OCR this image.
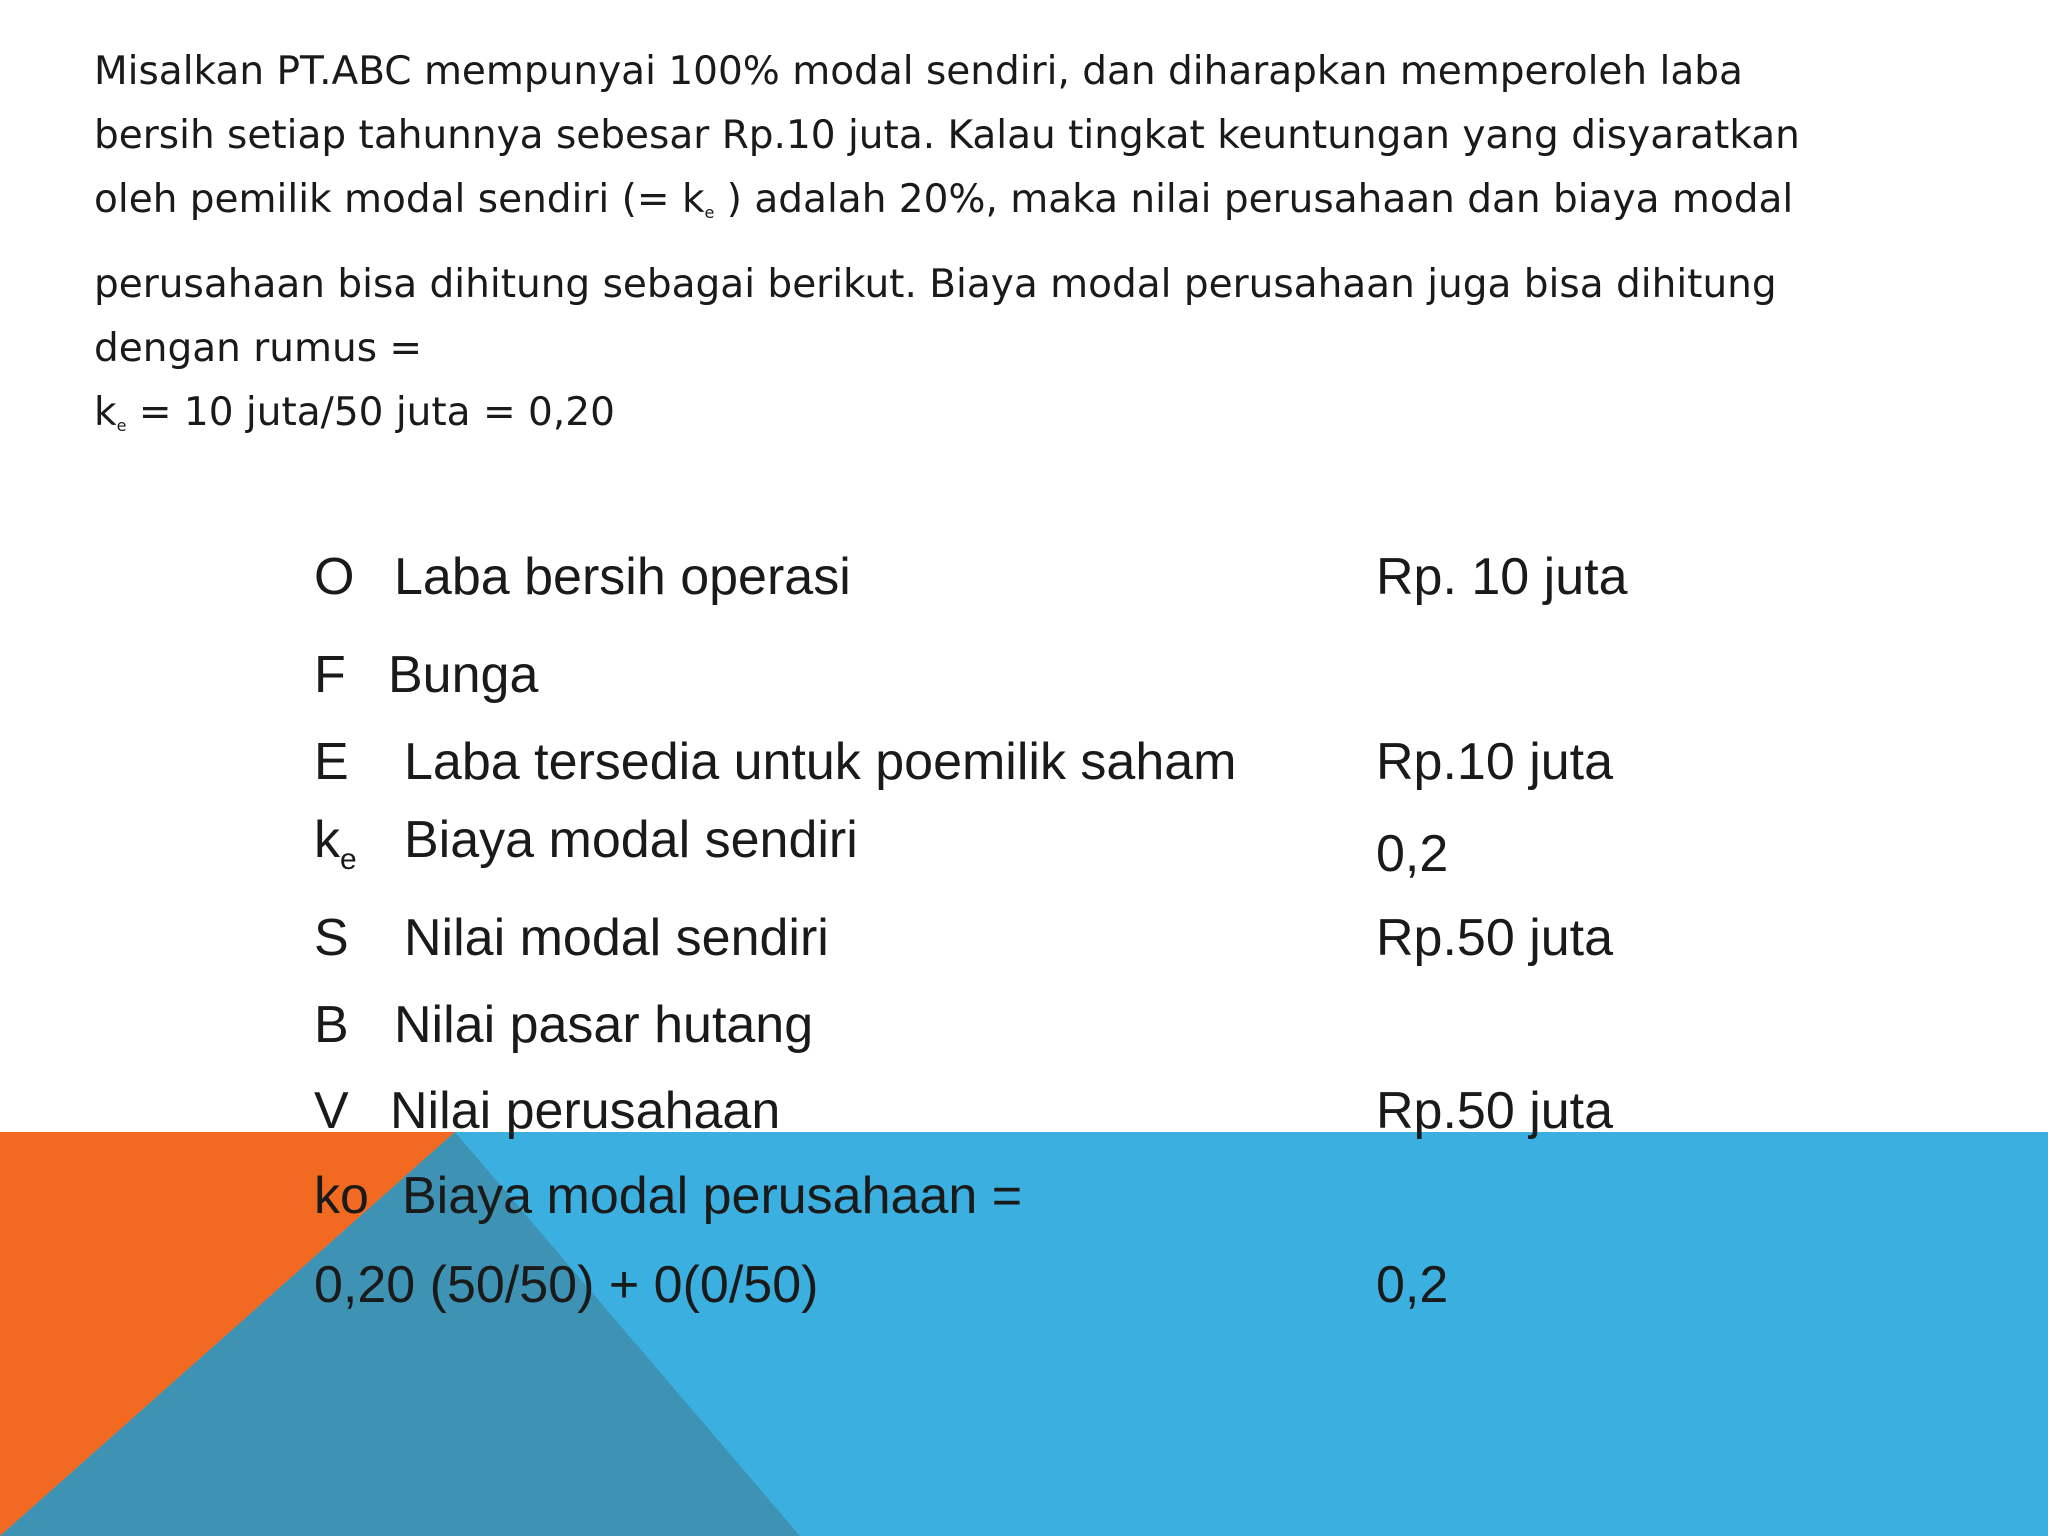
Misalkan PT.ABC mempunyai 100% modal sendiri, dan diharapkan memperoleh laba
bersih setiap tahunnya sebesar Rp.10 juta. Kalau tingkat keuntungan yang disyaratkan
oleh pemilik modal sendiri (= $k_e$ ) adalah 20%, maka nilai perusahaan dan biaya modal
perusahaan bisa dihitung sebagai berikut. Biaya modal perusahaan juga bisa dihitung
dengan rumus =
$k_e = 10$ juta/50 juta = 0,20
O Laba bersih operasi	Rp. 10 juta
F Bunga
E Laba tersedia untuk poemilik saham	Rp.10 juta
$k_e$ Biaya modal sendiri	0,2
S Nilai modal sendiri	Rp.50 juta
B Nilai pasar hutang
V Nilai perusahaan	Rp.50 juta
ko Biaya modal perusahaan =
0,20 (50/50) + 0(0/50)	0,2
